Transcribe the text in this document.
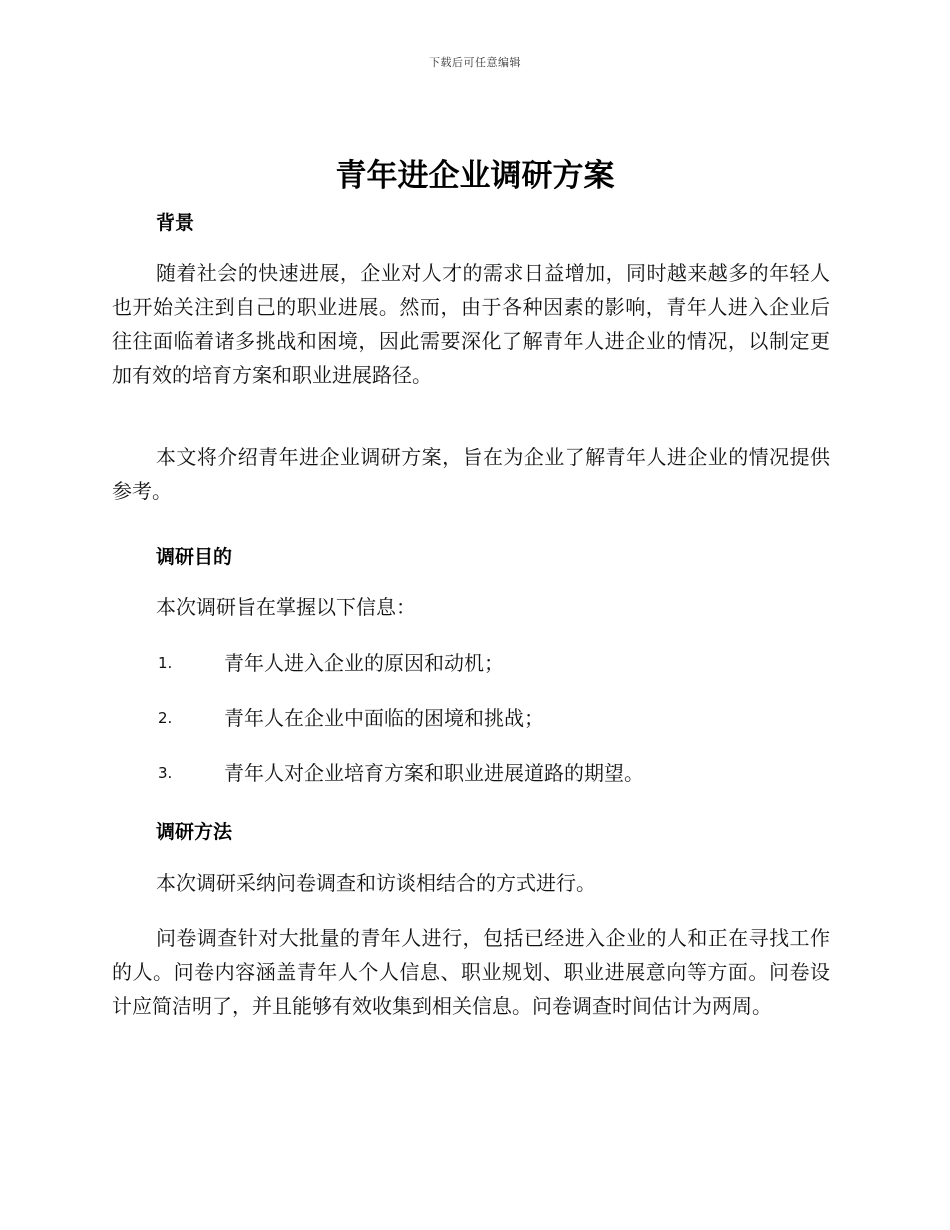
下载后可任意编辑
青年进企业调研方案
背景

随着社会的快速进展，企业对人才的需求日益增加，同时越来越多的年轻人也开始关注到自己的职业进展。然而，由于各种因素的影响，青年人进入企业后往往面临着诸多挑战和困境，因此需要深化了解青年人进企业的情况，以制定更加有效的培育方案和职业进展路径。

本文将介绍青年进企业调研方案，旨在为企业了解青年人进企业的情况提供参考。

调研目的

本次调研旨在掌握以下信息：

1.	青年人进入企业的原因和动机；
2.	青年人在企业中面临的困境和挑战；
3.	青年人对企业培育方案和职业进展道路的期望。
调研方法

本次调研采纳问卷调查和访谈相结合的方式进行。

问卷调查针对大批量的青年人进行，包括已经进入企业的人和正在寻找工作的人。问卷内容涵盖青年人个人信息、职业规划、职业进展意向等方面。问卷设计应简洁明了，并且能够有效收集到相关信息。问卷调查时间估计为两周。
